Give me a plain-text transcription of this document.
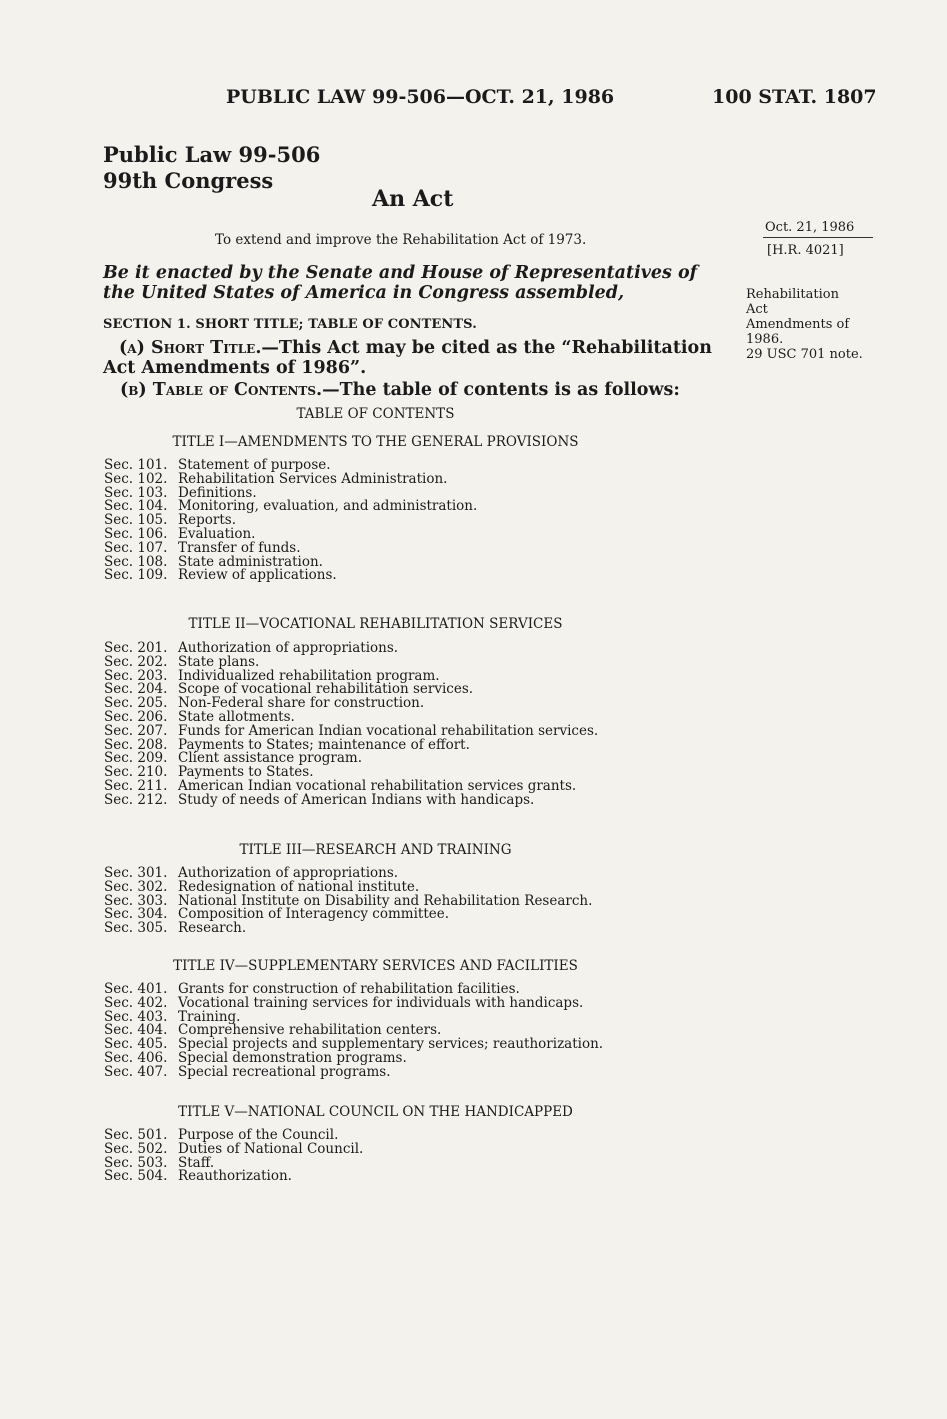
PUBLIC LAW 99-506—OCT. 21, 1986	100 STAT. 1807
Public Law 99-506
99th Congress
An Act
To extend and improve the Rehabilitation Act of 1973.
Oct. 21, 1986
[H.R. 4021]
Rehabilitation
Act
Amendments of
1986.
29 USC 701 note.
Be it enacted by the Senate and House of Representatives of the United States of America in Congress assembled,
SECTION 1. SHORT TITLE; TABLE OF CONTENTS.
(a) Short Title.—This Act may be cited as the “Rehabilitation Act Amendments of 1986”.
(b) Table of Contents.—The table of contents is as follows:
TABLE OF CONTENTS
TITLE I—AMENDMENTS TO THE GENERAL PROVISIONS
Sec. 101. Statement of purpose.
Sec. 102. Rehabilitation Services Administration.
Sec. 103. Definitions.
Sec. 104. Monitoring, evaluation, and administration.
Sec. 105. Reports.
Sec. 106. Evaluation.
Sec. 107. Transfer of funds.
Sec. 108. State administration.
Sec. 109. Review of applications.
TITLE II—VOCATIONAL REHABILITATION SERVICES
Sec. 201. Authorization of appropriations.
Sec. 202. State plans.
Sec. 203. Individualized rehabilitation program.
Sec. 204. Scope of vocational rehabilitation services.
Sec. 205. Non-Federal share for construction.
Sec. 206. State allotments.
Sec. 207. Funds for American Indian vocational rehabilitation services.
Sec. 208. Payments to States; maintenance of effort.
Sec. 209. Client assistance program.
Sec. 210. Payments to States.
Sec. 211. American Indian vocational rehabilitation services grants.
Sec. 212. Study of needs of American Indians with handicaps.
TITLE III—RESEARCH AND TRAINING
Sec. 301. Authorization of appropriations.
Sec. 302. Redesignation of national institute.
Sec. 303. National Institute on Disability and Rehabilitation Research.
Sec. 304. Composition of Interagency committee.
Sec. 305. Research.
TITLE IV—SUPPLEMENTARY SERVICES AND FACILITIES
Sec. 401. Grants for construction of rehabilitation facilities.
Sec. 402. Vocational training services for individuals with handicaps.
Sec. 403. Training.
Sec. 404. Comprehensive rehabilitation centers.
Sec. 405. Special projects and supplementary services; reauthorization.
Sec. 406. Special demonstration programs.
Sec. 407. Special recreational programs.
TITLE V—NATIONAL COUNCIL ON THE HANDICAPPED
Sec. 501. Purpose of the Council.
Sec. 502. Duties of National Council.
Sec. 503. Staff.
Sec. 504. Reauthorization.
